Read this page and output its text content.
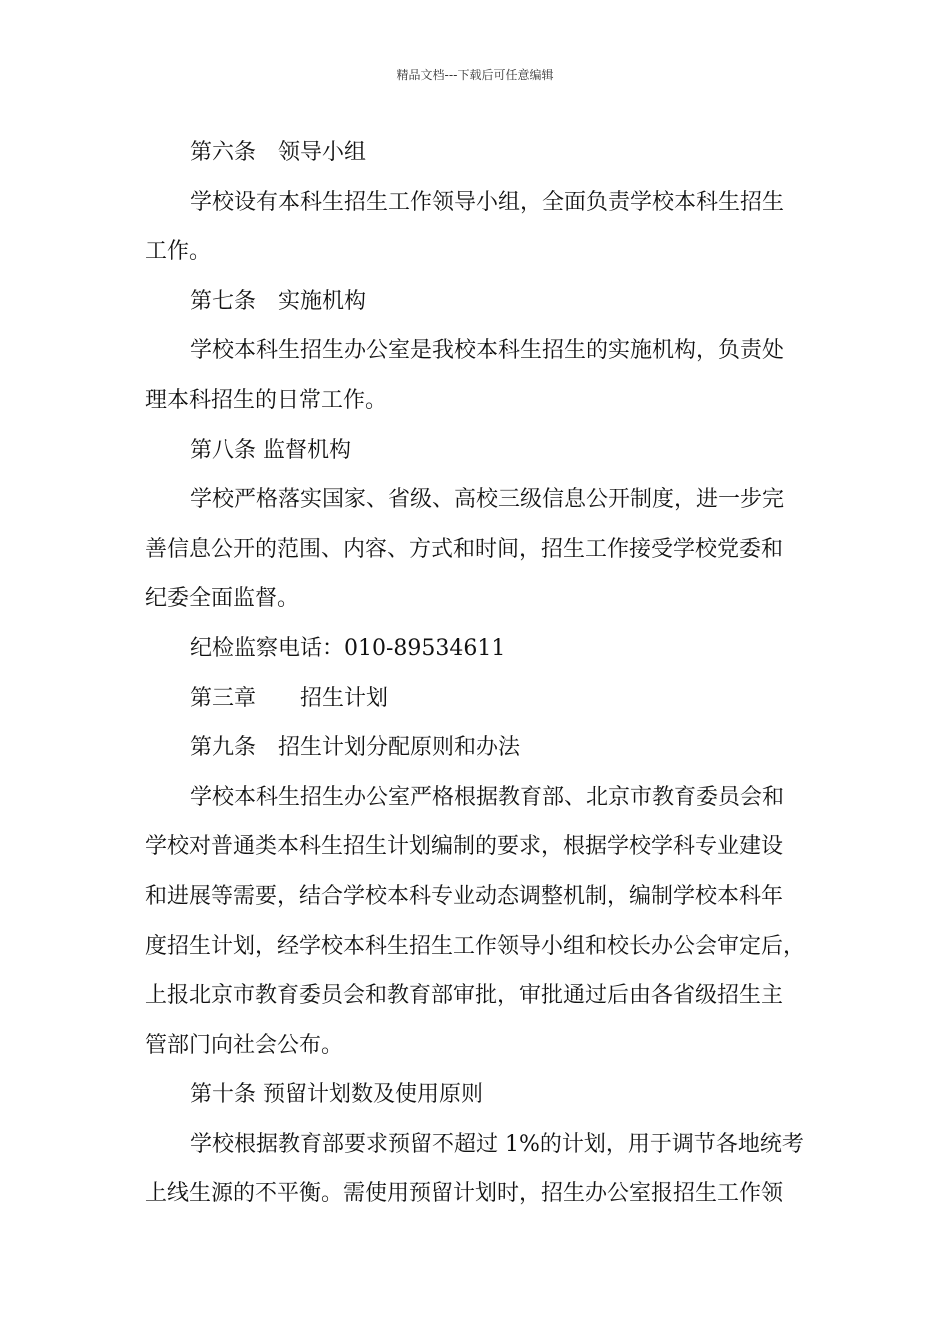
精品文档---下载后可任意编辑
第六条　领导小组
学校设有本科生招生工作领导小组，全面负责学校本科生招生
工作。
第七条　实施机构
学校本科生招生办公室是我校本科生招生的实施机构，负责处
理本科招生的日常工作。
第八条 监督机构
学校严格落实国家、省级、高校三级信息公开制度，进一步完
善信息公开的范围、内容、方式和时间，招生工作接受学校党委和
纪委全面监督。
纪检监察电话：010-89534611
第三章　　招生计划
第九条　招生计划分配原则和办法
学校本科生招生办公室严格根据教育部、北京市教育委员会和
学校对普通类本科生招生计划编制的要求，根据学校学科专业建设
和进展等需要，结合学校本科专业动态调整机制，编制学校本科年
度招生计划，经学校本科生招生工作领导小组和校长办公会审定后，
上报北京市教育委员会和教育部审批，审批通过后由各省级招生主
管部门向社会公布。
第十条 预留计划数及使用原则
学校根据教育部要求预留不超过 1%的计划，用于调节各地统考
上线生源的不平衡。需使用预留计划时，招生办公室报招生工作领
